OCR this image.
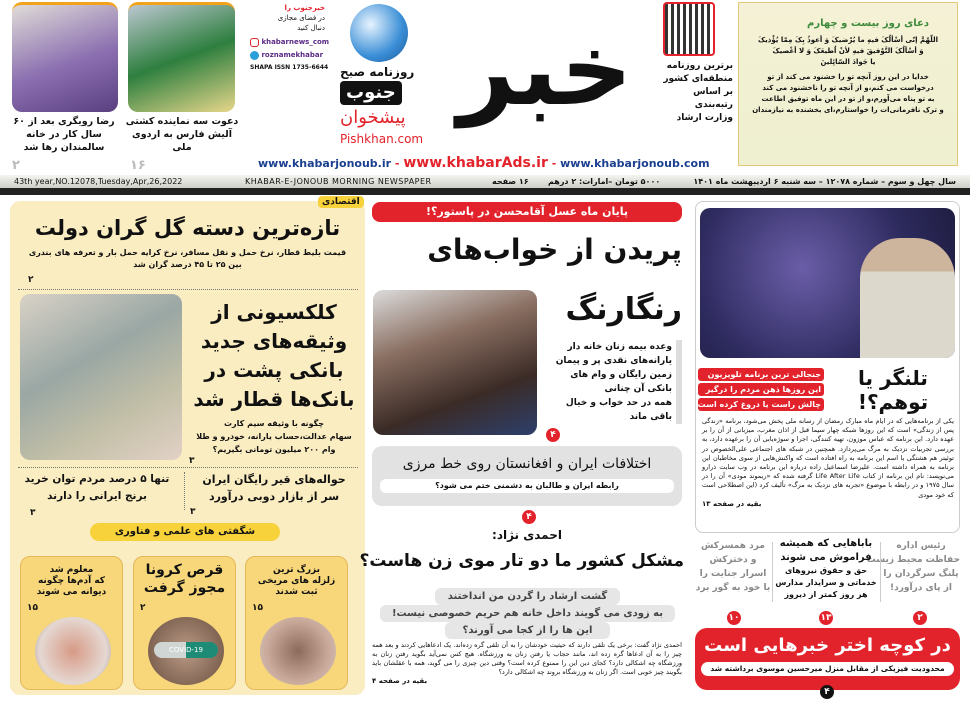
رضا رویگری بعد از ۶۰ سال کار در خانه سالمندان رها شد
۲
دعوت سه نماینده کشتی آلیش فارس به اردوی ملی
۱۶
خبرجنوب را
در فضای مجازی
دنبال کنید
khabarnews_com
roznamekhabar
SHAPA ISSN 1735-6644 روزنامه صبح
جنوب
پیشخوان
Pishkhan.com
خبر	برترین روزنامه
منطقه‌ای کشور
بر اساس
رتبه‌بندی
وزارت ارشاد
دعای روز بیست و چهارم
اللّهُمَّ إنّی أسْألُکَ فیهِ ما یُرْضیکَ وَ أعوذُ بِکَ مِمّا یُؤْذیکَ
وَ أسْألُکَ التَّوْفیقَ فیهِ لأنْ اُطیعَکَ وَ لا أعْصیکَ
یا جَوادَ السّائِلینَ
خدایا در این روز آنچه تو را خشنود می کند از تو
درخواست می کنم،و از آنچه تو را ناخشنود می کند
به تو پناه می‌آورم،و از تو در این ماه توفیق اطاعت
و ترک نافرمانی‌ات را خواستارم،ای بخشنده به نیازمندان
www.khabarjonoub.ir - www.khabarAds.ir - www.khabarjonoub.com
43th year,NO.12078,Tuesday,Apr,26,2022	KHABAR-E-JONOUB MORNING NEWSPAPER	۱۶ صفحه ۵۰۰۰ تومان –امارات: ۲ درهم	سال چهل و سوم – شماره ۱۲۰۷۸ – سه شنبه ۶ اردیبهشت ماه ۱۴۰۱
اقتصادی
تازه‌ترین دسته گل گران دولت
قیمت بلیط قطار، نرخ حمل و نقل مسافر، نرخ کرایه حمل بار و تعرفه های بندری
بین ۲۵ تا ۴۵ درصد گران شد
۲
کلکسیونی از
وثیقه‌های جدید
بانکی پشت در
بانک‌ها قطار شد
چگونه با وثیقه سیم کارت
سهام عدالت،حساب یارانه، خودرو و طلا
وام ۲۰۰ میلیون تومانی بگیریم؟
۳
حواله‌های قیر رایگان ایران
سر از بازار دوبی درآورد
۳
تنها ۵ درصد مردم توان خرید
برنج ایرانی را دارند
۳
شگفتی های علمی و فناوری
بزرگ ترین
زلزله های مریخی
ثبت شدند
۱۵
قرص کرونا
مجوز گرفت
۲
COVID-19
معلوم شد
که آدم‌ها چگونه
دیوانه می شوند
۱۵
پایان ماه عسل آقامحسن در پاستور؟!
پریدن از خواب‌های
رنگارنگ
وعده بیمه زنان خانه دار
یارانه‌های نقدی پر و پیمان
زمین رایگان و وام های
بانکی آن چنانی
همه در حد خواب و خیال
باقی ماند
۴
اختلافات ایران و افغانستان روی خط مرزی
رابطه ایران و طالبان به دشمنی ختم می شود؟
۴
احمدی نژاد:
مشکل کشور ما دو تار موی زن هاست؟
گشت ارشاد را گردن من انداختند
به زودی می گویند داخل خانه هم حریم خصوصی نیست!
این ها را از کجا می آورند؟
احمدی نژاد گفت: برخی یک تلقی دارند که حیثیت خودشان را به آن تلقی گره زده‌اند. یک ادعاهایی کردند و بعد همه چیز را به آن ادعاها گره زده اند، مانند حجاب یا رفتن زنان به ورزشگاه. هیچ کس نمی‌آید بگوید رفتن زنان به ورزشگاه چه اشکالی دارد؟ کجای دین این را ممنوع کرده است؟ وقتی دین چیزی را می گوید، همه با عقلشان باید بگویند چیز خوبی است. اگر زنان به ورزشگاه بروند چه اشکالی دارد؟
بقیه در صفحه ۴
تلنگر یا توهم؟!
جنجالی ترین برنامه تلویزیون
این روزها ذهن مردم را درگیر
چالش راست یا دروغ کرده است
یکی از برنامه‌هایی که در ایام ماه مبارک رمضان از رسانه ملی پخش می‌شود، برنامه «زندگی پس از زندگی» است که این روزها شبکه چهار سیما قبل از اذان مغرب، میزبانی از آن را بر عهده دارد. این برنامه که عباس موزون، تهیه کنندگی، اجرا و سوژه‌یابی آن را برعهده دارد، به بررسی تجربیات نزدیک به مرگ می‌پردازد. همچنین در شبکه های اجتماعی علی‌الخصوص در توئیتر هم هشتگی با اسم این برنامه به راه افتاده است که واکنش‌هایی از سوی مخاطبان این برنامه به همراه داشته است. علیرضا اسماعیل زاده درباره این برنامه در وب سایت ذرارو می‌نویسد: نام این برنامه از کتاب Life After Life گرفته شده که «ریموند مودی» آن را در سال ۱۹۷۵ و در رابطه با موضوع «تجربه های نزدیک به مرگ» تألیف کرد (این اصطلاحی است که خود مودی
بقیه در صفحه ۱۳
رئیس اداره
حفاظت محیط زیست
پلنگ سرگردان را
از پای درآورد!
۲
باباهایی که همیشه
فراموش می شوند
حق و حقوق نیروهای
خدماتی و سرایدار مدارس
هر روز کمتر از دیروز
۱۳
مرد همسرکش
و دخترکش
اسرار جنایت را
با خود به گور برد
۱۰
در کوچه اختر خبرهایی است
محدودیت فیزیکی از مقابل منزل میرحسین موسوی برداشته شد
۴
